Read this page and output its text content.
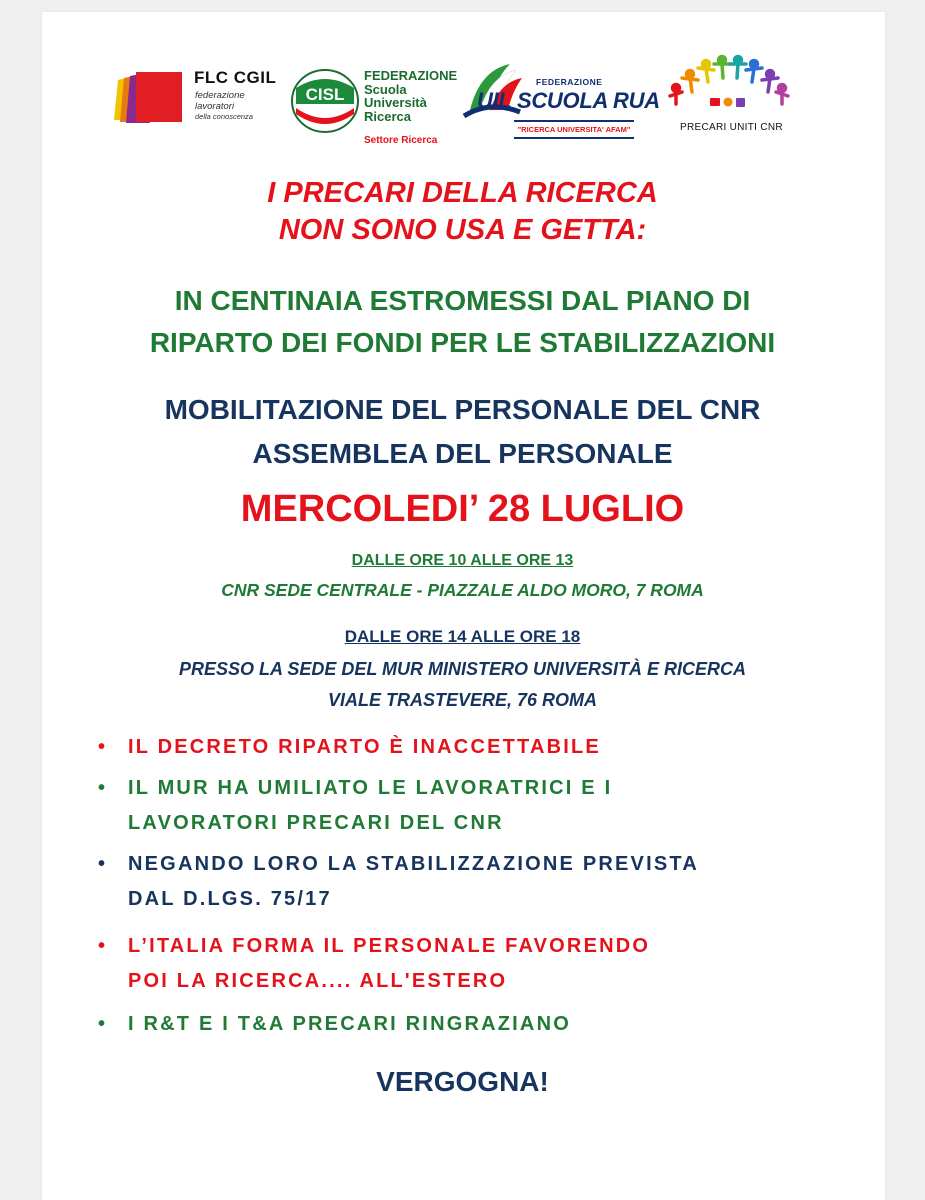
FLC CGIL
federazione
lavoratori
della conoscenza
CISL
FEDERAZIONE
Scuola
Università
Ricerca
Settore Ricerca
FEDERAZIONE
UIL SCUOLA RUA
"RICERCA UNIVERSITA' AFAM"	PRECARI UNITI CNR
I PRECARI DELLA RICERCA
NON SONO USA E GETTA:
IN CENTINAIA ESTROMESSI DAL PIANO DI
RIPARTO DEI FONDI PER LE STABILIZZAZIONI
MOBILITAZIONE DEL PERSONALE DEL CNR
ASSEMBLEA DEL PERSONALE
MERCOLEDI’ 28 LUGLIO
DALLE ORE 10 ALLE ORE 13
CNR SEDE CENTRALE - PIAZZALE ALDO MORO, 7 ROMA
DALLE ORE 14 ALLE ORE 18
PRESSO LA SEDE DEL MUR MINISTERO UNIVERSITÀ E RICERCA
VIALE TRASTEVERE, 76 ROMA
• IL DECRETO RIPARTO È INACCETTABILE
• IL MUR HA UMILIATO LE LAVORATRICI E I
LAVORATORI PRECARI DEL CNR
• NEGANDO LORO LA STABILIZZAZIONE PREVISTA
DAL D.LGS. 75/17
• L’ITALIA FORMA IL PERSONALE FAVORENDO
POI LA RICERCA.... ALL'ESTERO
• I R&T E I T&A PRECARI RINGRAZIANO
VERGOGNA!
